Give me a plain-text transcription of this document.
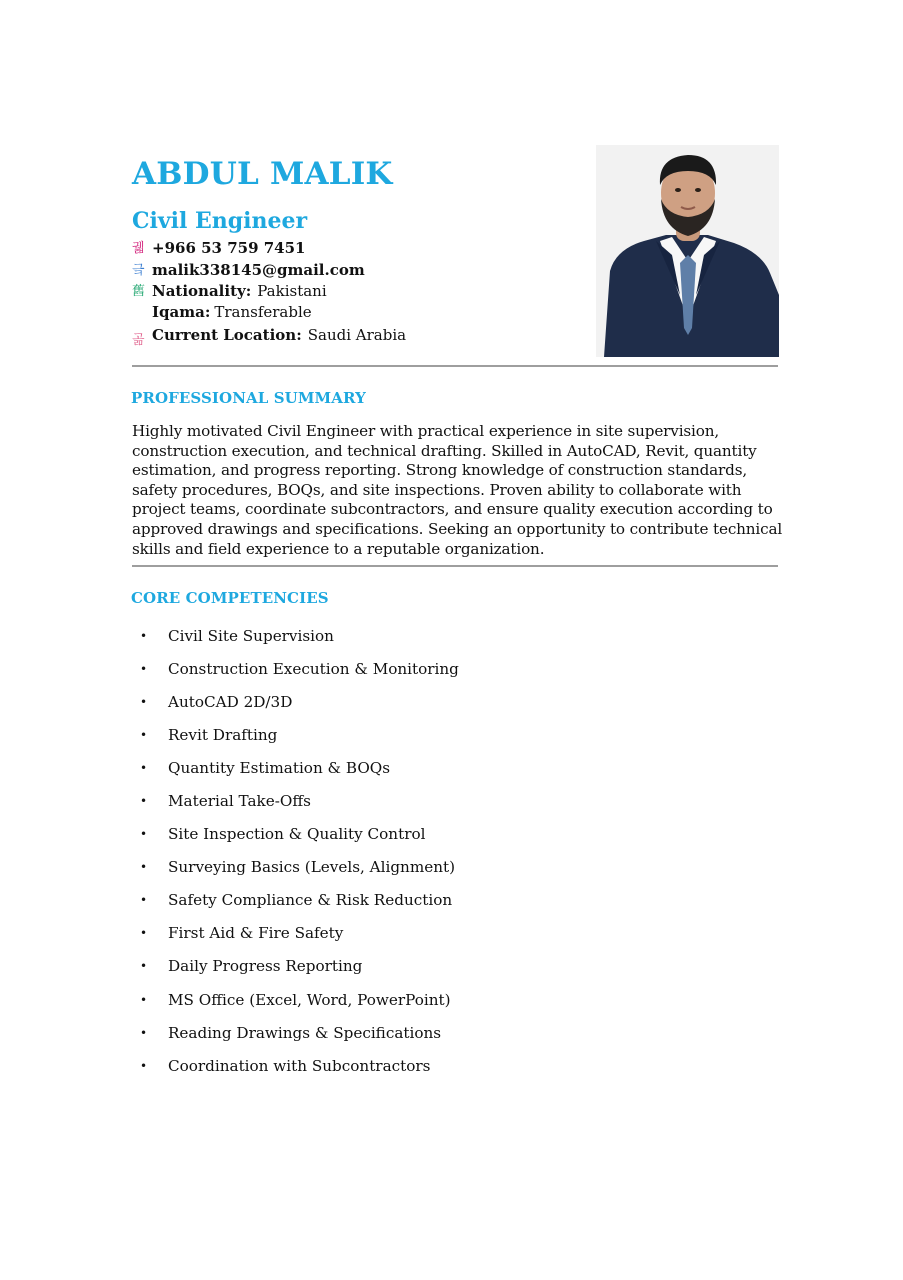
ABDUL MALIK
Civil Engineer
궯 +966 53 759 7451
긐 malik338145@gmail.com
舊 Nationality: Pakistani
Iqama: Transferable
곪 Current Location: Saudi Arabia
PROFESSIONAL SUMMARY

Highly motivated Civil Engineer with practical experience in site supervision, construction execution, and technical drafting. Skilled in AutoCAD, Revit, quantity estimation, and progress reporting. Strong knowledge of construction standards, safety procedures, BOQs, and site inspections. Proven ability to collaborate with project teams, coordinate subcontractors, and ensure quality execution according to approved drawings and specifications. Seeking an opportunity to contribute technical skills and field experience to a reputable organization.

CORE COMPETENCIES
•	Civil Site Supervision
•	Construction Execution & Monitoring
•	AutoCAD 2D/3D
•	Revit Drafting
•	Quantity Estimation & BOQs
•	Material Take-Offs
•	Site Inspection & Quality Control
•	Surveying Basics (Levels, Alignment)
•	Safety Compliance & Risk Reduction
•	First Aid & Fire Safety
•	Daily Progress Reporting
•	MS Office (Excel, Word, PowerPoint)
•	Reading Drawings & Specifications
•	Coordination with Subcontractors
